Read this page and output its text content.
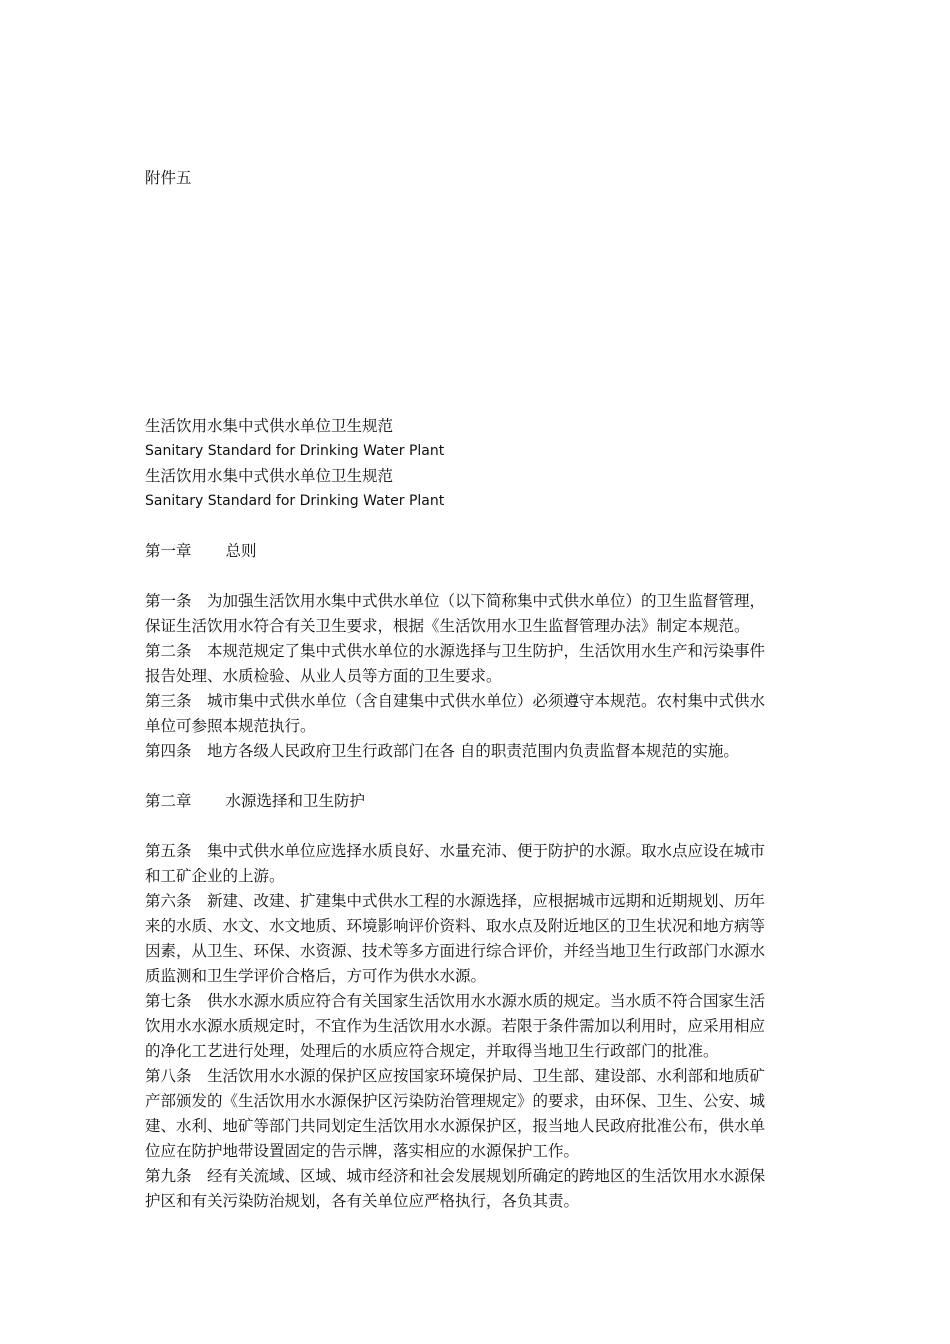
附件五
生活饮用水集中式供水单位卫生规范
Sanitary Standard for Drinking Water Plant
生活饮用水集中式供水单位卫生规范
Sanitary Standard for Drinking Water Plant
第一章 总则
第一条　为加强生活饮用水集中式供水单位（以下简称集中式供水单位）的卫生监督管理，
保证生活饮用水符合有关卫生要求，根据《生活饮用水卫生监督管理办法》制定本规范。
第二条　本规范规定了集中式供水单位的水源选择与卫生防护，生活饮用水生产和污染事件
报告处理、水质检验、从业人员等方面的卫生要求。
第三条　城市集中式供水单位（含自建集中式供水单位）必须遵守本规范。农村集中式供水
单位可参照本规范执行。
第四条　地方各级人民政府卫生行政部门在各 自的职责范围内负责监督本规范的实施。
第二章 水源选择和卫生防护
第五条　集中式供水单位应选择水质良好、水量充沛、便于防护的水源。取水点应设在城市
和工矿企业的上游。
第六条　新建、改建、扩建集中式供水工程的水源选择，应根据城市远期和近期规划、历年
来的水质、水文、水文地质、环境影响评价资料、取水点及附近地区的卫生状况和地方病等
因素，从卫生、环保、水资源、技术等多方面进行综合评价，并经当地卫生行政部门水源水
质监测和卫生学评价合格后，方可作为供水水源。
第七条　供水水源水质应符合有关国家生活饮用水水源水质的规定。当水质不符合国家生活
饮用水水源水质规定时，不宜作为生活饮用水水源。若限于条件需加以利用时，应采用相应
的净化工艺进行处理，处理后的水质应符合规定，并取得当地卫生行政部门的批准。
第八条　生活饮用水水源的保护区应按国家环境保护局、卫生部、建设部、水利部和地质矿
产部颁发的《生活饮用水水源保护区污染防治管理规定》的要求，由环保、卫生、公安、城
建、水利、地矿等部门共同划定生活饮用水水源保护区，报当地人民政府批准公布，供水单
位应在防护地带设置固定的告示牌，落实相应的水源保护工作。
第九条　经有关流域、区域、城市经济和社会发展规划所确定的跨地区的生活饮用水水源保
护区和有关污染防治规划，各有关单位应严格执行，各负其责。
